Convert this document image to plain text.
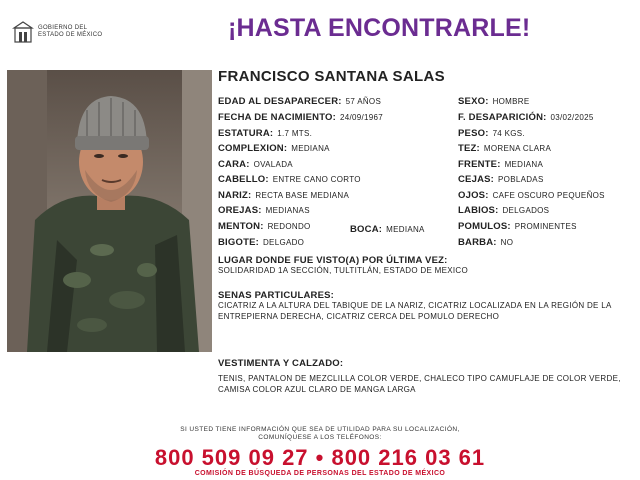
GOBIERNO DEL
ESTADO DE MÉXICO	¡HASTA ENCONTRARLE!
FRANCISCO SANTANA SALAS
EDAD AL DESAPARECER: 57 AÑOS
FECHA DE NACIMIENTO: 24/09/1967
ESTATURA: 1.7 MTS.
COMPLEXION: MEDIANA
CARA: OVALADA
CABELLO: ENTRE CANO CORTO
NARIZ: RECTA BASE MEDIANA
OREJAS: MEDIANAS
MENTON: REDONDO	BOCA: MEDIANA
BIGOTE: DELGADO
SEXO: HOMBRE
F. DESAPARICIÓN: 03/02/2025
PESO: 74 KGS.
TEZ: MORENA CLARA
FRENTE: MEDIANA
CEJAS: POBLADAS
OJOS: CAFE OSCURO PEQUEÑOS
LABIOS: DELGADOS
POMULOS: PROMINENTES
BARBA: NO
LUGAR DONDE FUE VISTO(A) POR ÚLTIMA VEZ:
SOLIDARIDAD 1A SECCIÓN, TULTITLÁN, ESTADO DE MEXICO
SENAS PARTICULARES:
CICATRIZ A LA ALTURA DEL TABIQUE DE LA NARIZ, CICATRIZ LOCALIZADA EN LA REGIÓN DE LA ENTREPIERNA DERECHA, CICATRIZ CERCA DEL POMULO DERECHO
VESTIMENTA Y CALZADO:
TENIS, PANTALON DE MEZCLILLA COLOR VERDE, CHALECO TIPO CAMUFLAJE DE COLOR VERDE, CAMISA COLOR AZUL CLARO DE MANGA LARGA
SI USTED TIENE INFORMACIÓN QUE SEA DE UTILIDAD PARA SU LOCALIZACIÓN,
COMUNÍQUESE A LOS TELÉFONOS:
800 509 09 27 • 800 216 03 61
COMISIÓN DE BÚSQUEDA DE PERSONAS DEL ESTADO DE MÉXICO
